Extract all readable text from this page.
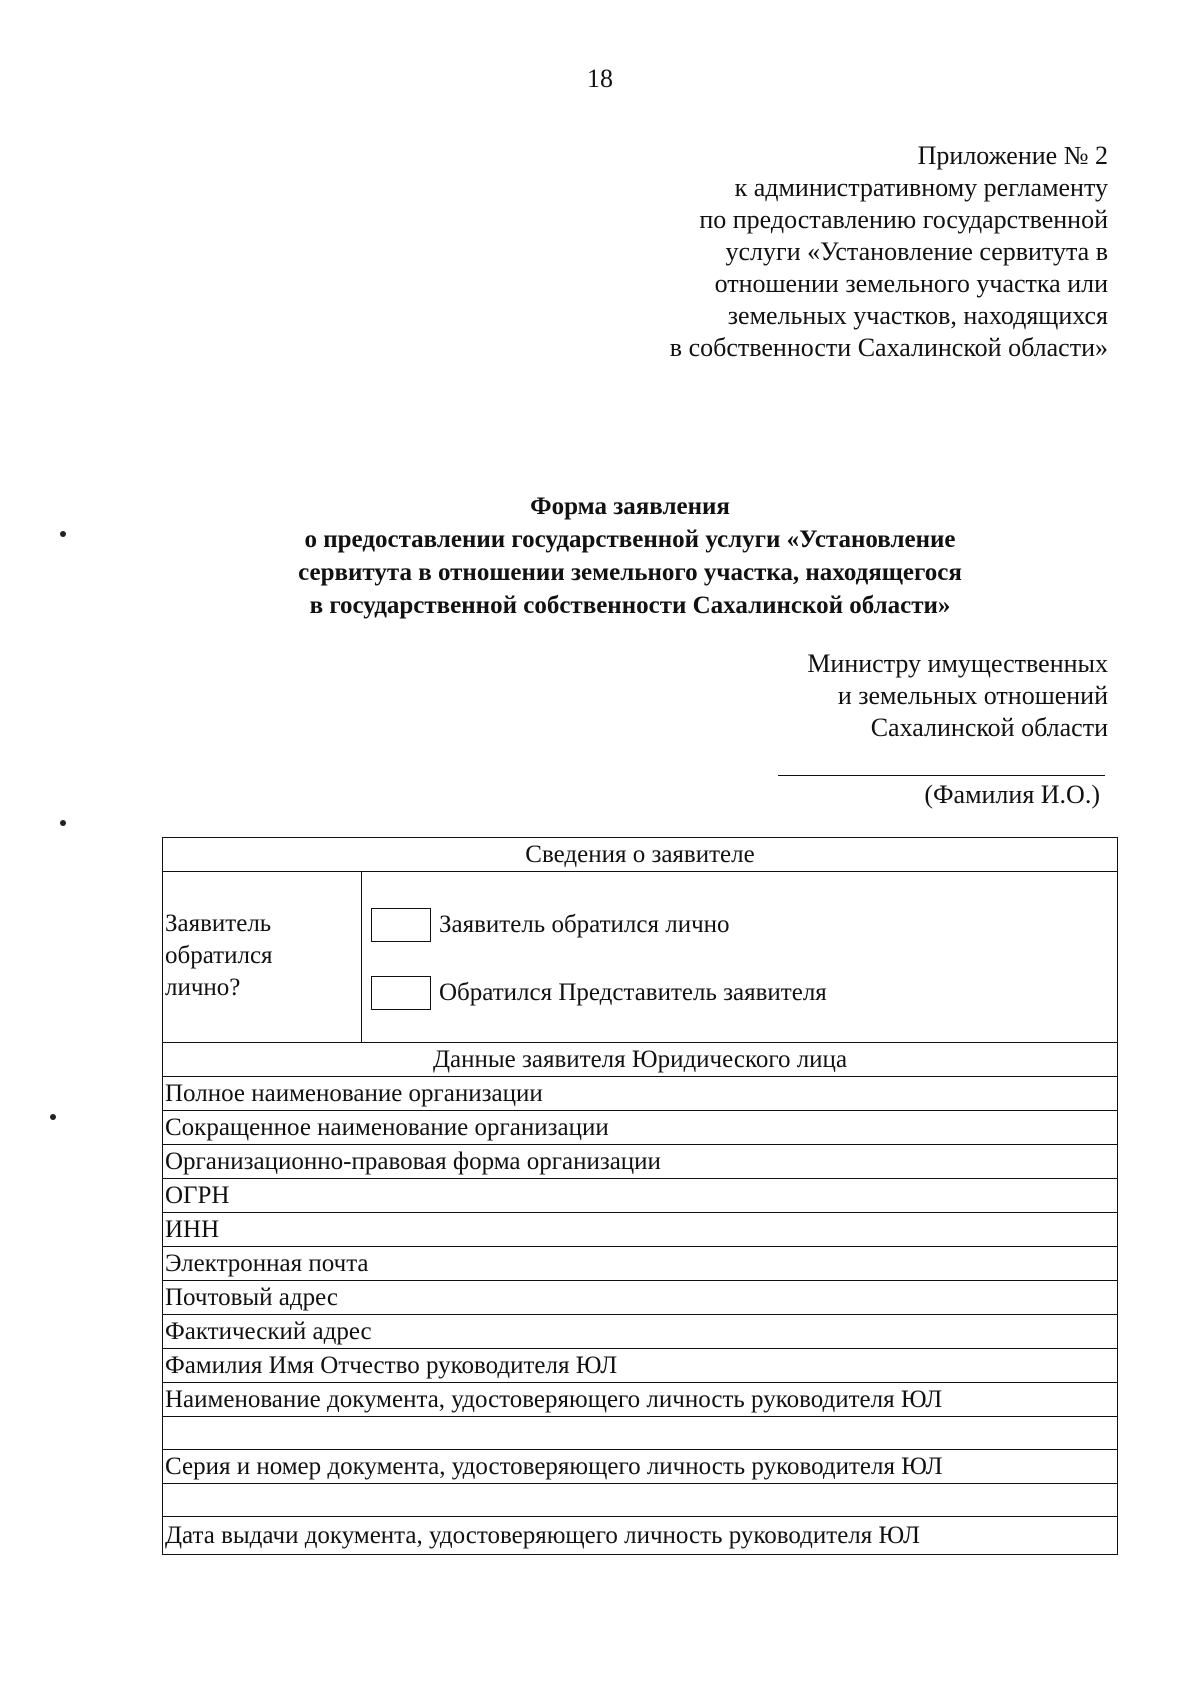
18
Приложение № 2
к административному регламенту
по предоставлению государственной
услуги «Установление сервитута в
отношении земельного участка или
земельных участков, находящихся
в собственности Сахалинской области»
Форма заявления
о предоставлении государственной услуги «Установление
сервитута в отношении земельного участка, находящегося
в государственной собственности Сахалинской области»
Министру имущественных
и земельных отношений
Сахалинской области
(Фамилия И.О.)
Сведения о заявителе
Заявитель
обратился
лично?
Заявитель обратился лично
Обратился Представитель заявителя
Данные заявителя Юридического лица
Полное наименование организации
Сокращенное наименование организации
Организационно-правовая форма организации
ОГРН
ИНН
Электронная почта
Почтовый адрес
Фактический адрес
Фамилия Имя Отчество руководителя ЮЛ
Наименование документа, удостоверяющего личность руководителя ЮЛ
Серия и номер документа, удостоверяющего личность руководителя ЮЛ
Дата выдачи документа, удостоверяющего личность руководителя ЮЛ
